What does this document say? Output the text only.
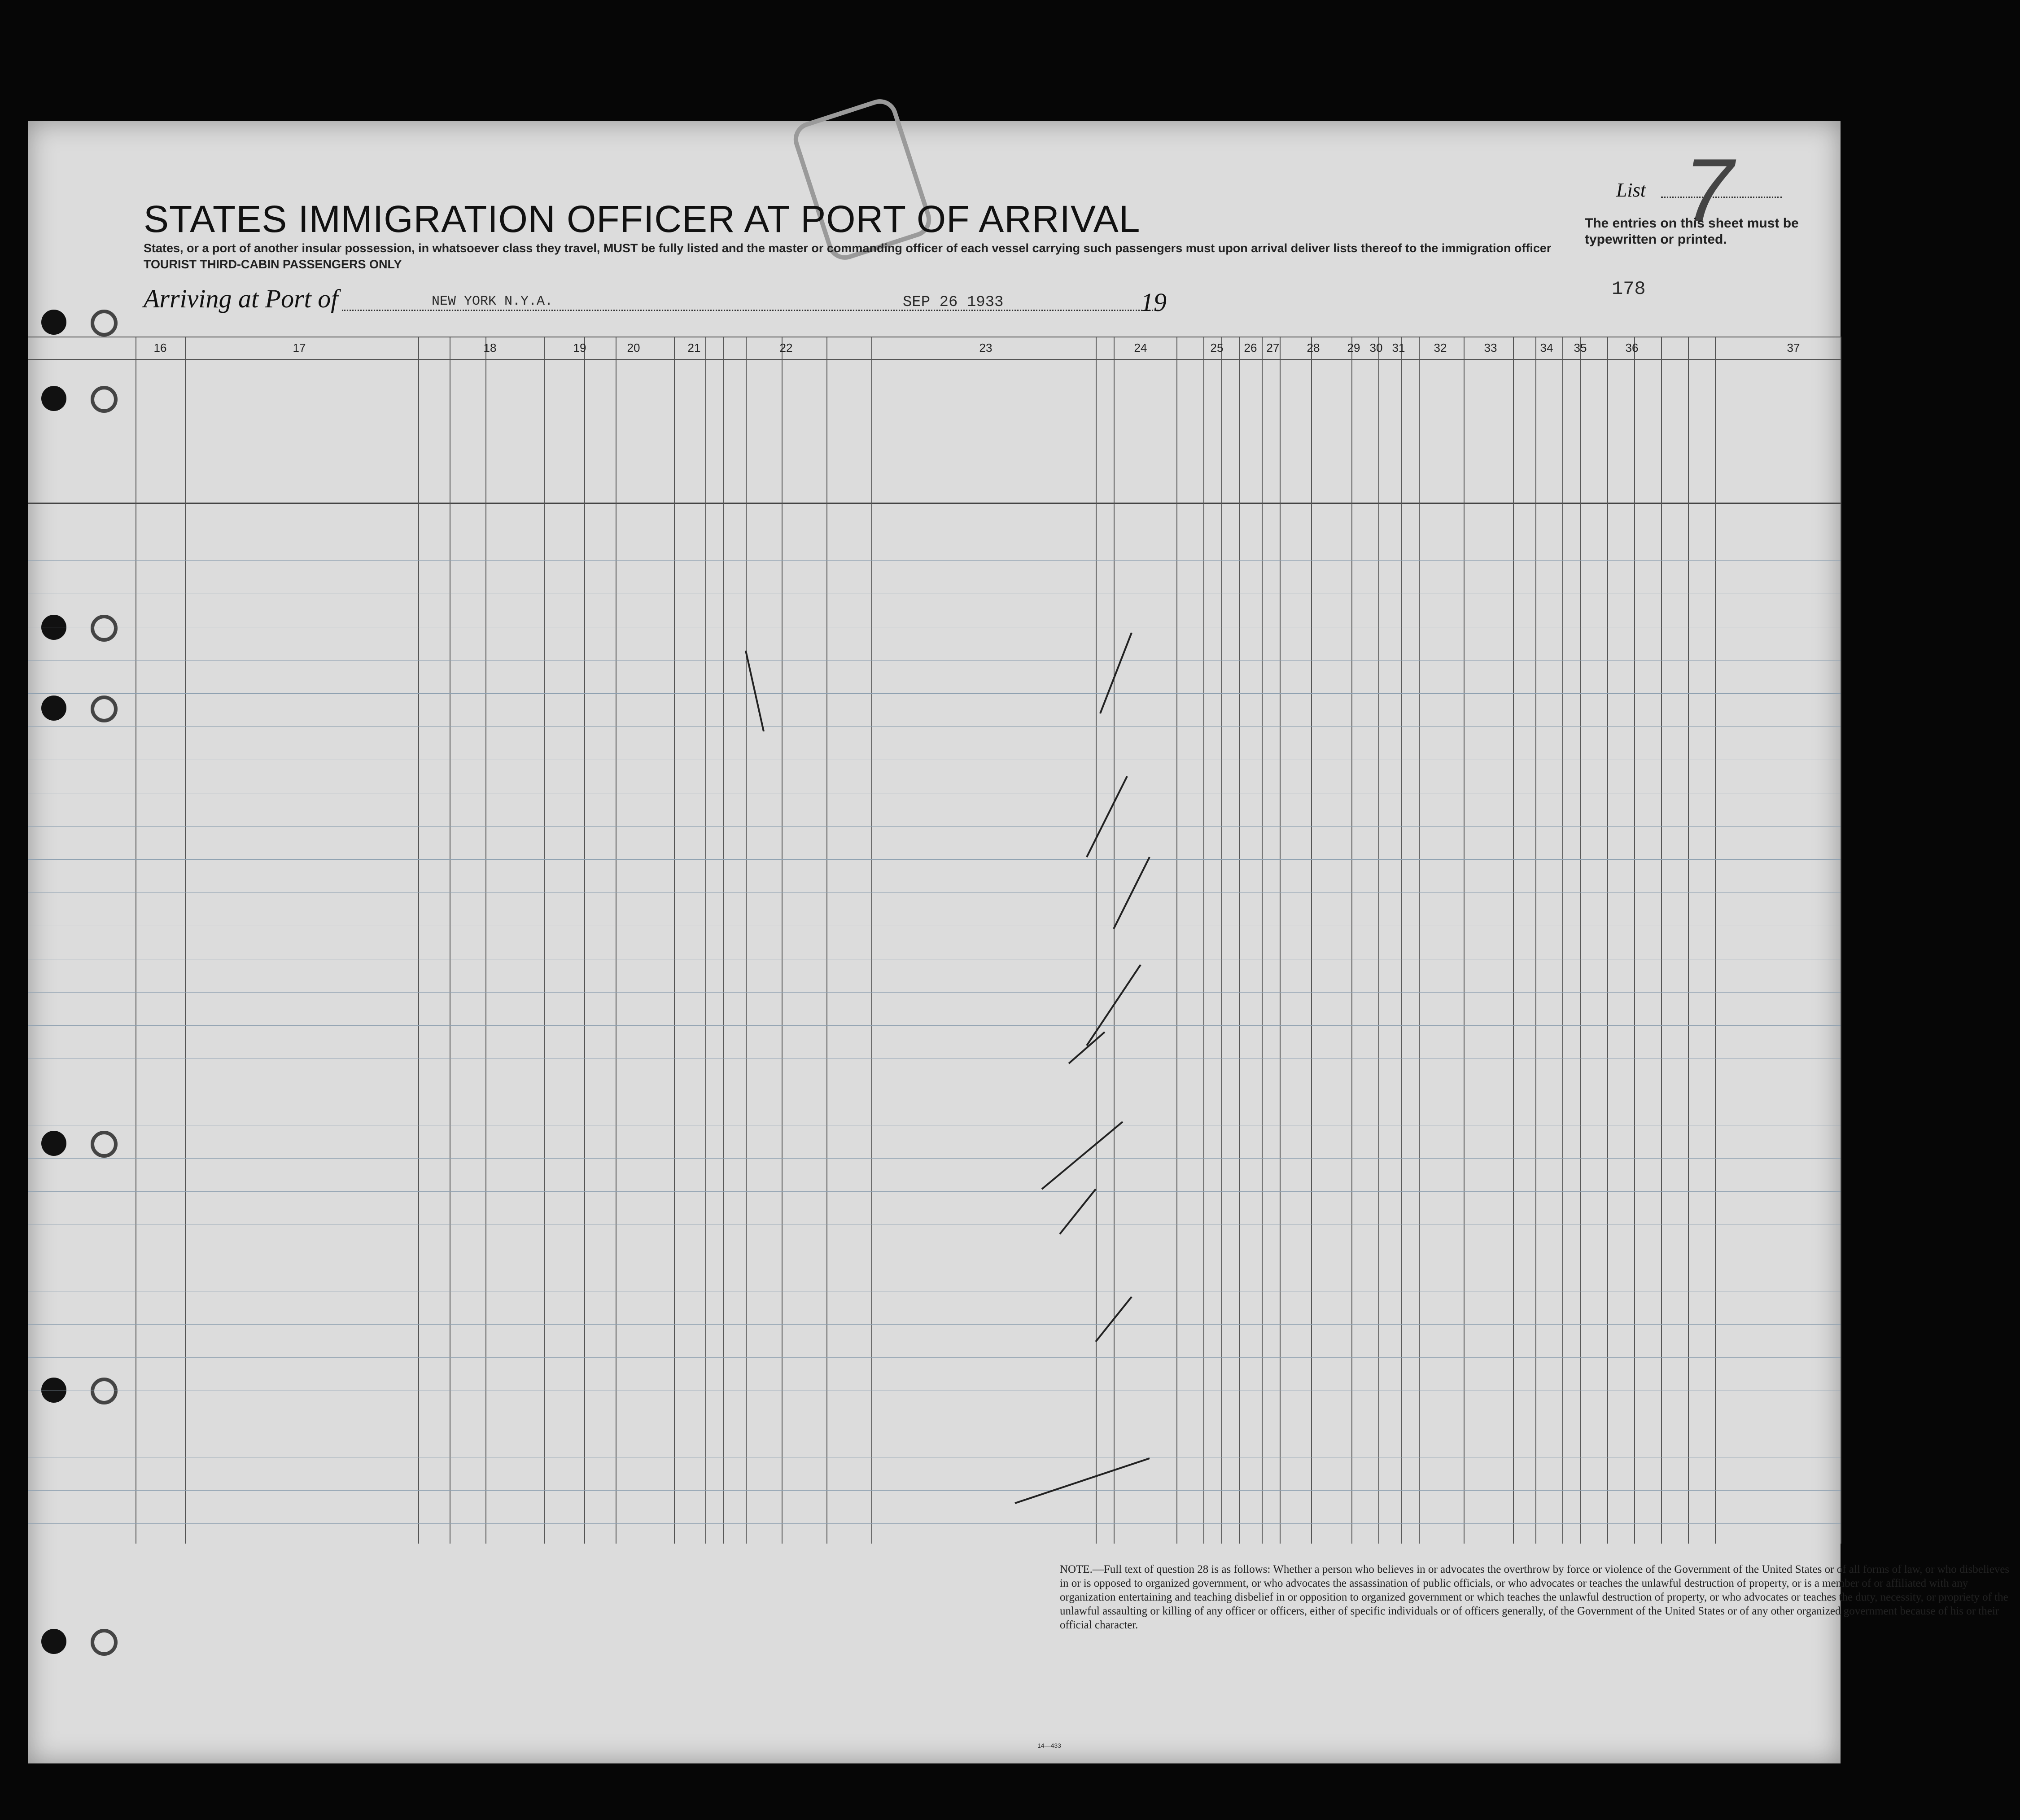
STATES IMMIGRATION OFFICER AT PORT OF ARRIVAL
States, or a port of another insular possession, in whatsoever class they travel, MUST be fully listed and the master or commanding officer of each vessel carrying such passengers must upon arrival deliver lists thereof to the immigration officer
TOURIST THIRD-CABIN PASSENGERS ONLY
Arriving at Port of	NEW YORK N.Y.A.	SEP 26 1933	19
List 7
The entries on this sheet must be typewritten or printed.
178
16	17	18	19	20	21	22	23	24	25	26 27	28	29 30 31	32	33	34	35	36	37
NOTE.—Full text of question 28 is as follows: Whether a person who believes in or advocates the overthrow by force or violence of the Government of the United States or of all forms of law, or who disbelieves in or is opposed to organized government, or who advocates the assassination of public officials, or who advocates or teaches the unlawful destruction of property, or is a member of or affiliated with any organization entertaining and teaching disbelief in or opposition to organized government or which teaches the unlawful destruction of property, or who advocates or teaches the duty, necessity, or propriety of the unlawful assaulting or killing of any officer or officers, either of specific individuals or of officers generally, of the Government of the United States or of any other organized government because of his or their official character.
14—433
